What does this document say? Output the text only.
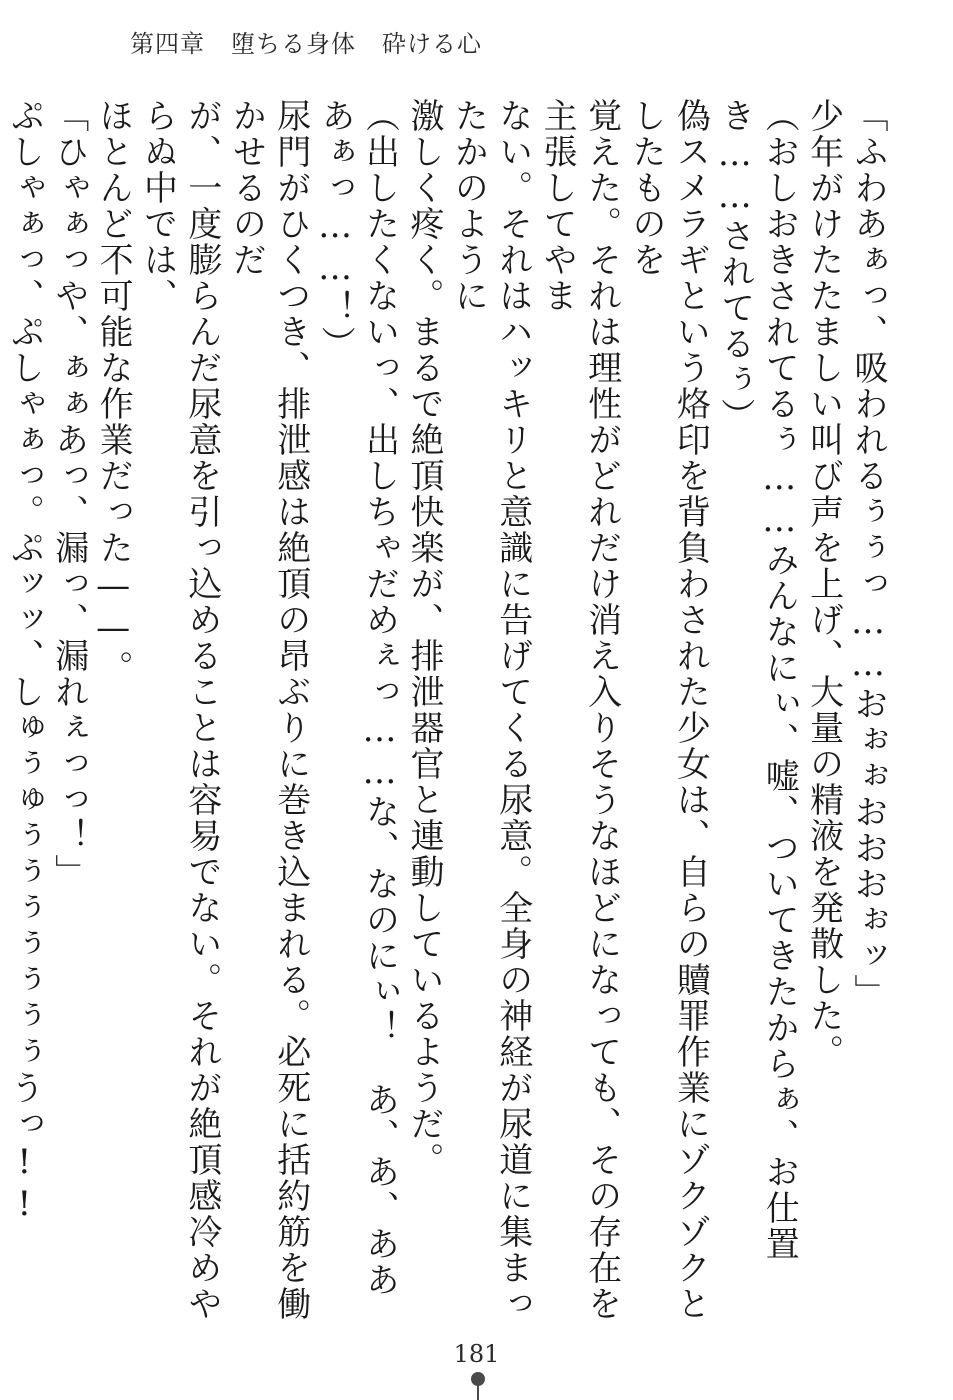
第四章 堕ちる身体 砕ける心

「ふわあぁっ、吸われるぅぅっ……おぉぉおおおぉッ」

少年がけたたましい叫び声を上げ、大量の精液を発散した。

（おしおきされてるぅ……みんなにぃ、嘘、ついてきたからぁ、お仕置き……されてるぅ）

偽スメラギという烙印を背負わされた少女は、自らの贖罪作業にゾクゾクとしたものを

覚えた。それは理性がどれだけ消え入りそうなほどになっても、その存在を主張してやま

ない。それはハッキリと意識に告げてくる尿意。全身の神経が尿道に集まったかのように

激しく疼く。まるで絶頂快楽が、排泄器官と連動しているようだ。

（出したくないっ、出しちゃだめぇっ……な、なのにぃ！　あ、あ、あああぁっ……！）

尿門がひくつき、排泄感は絶頂の昂ぶりに巻き込まれる。必死に括約筋を働かせるのだ

が、一度膨らんだ尿意を引っ込めることは容易でない。それが絶頂感冷めやらぬ中では、

ほとんど不可能な作業だった——。

「ひゃぁっや、ぁぁあっ、漏っ、漏れぇっっ！」

ぷしゃぁっ、ぷしゃぁっ。ぷッッ、しゅぅゅぅぅぅぅぅぅぅうっ!!

181
